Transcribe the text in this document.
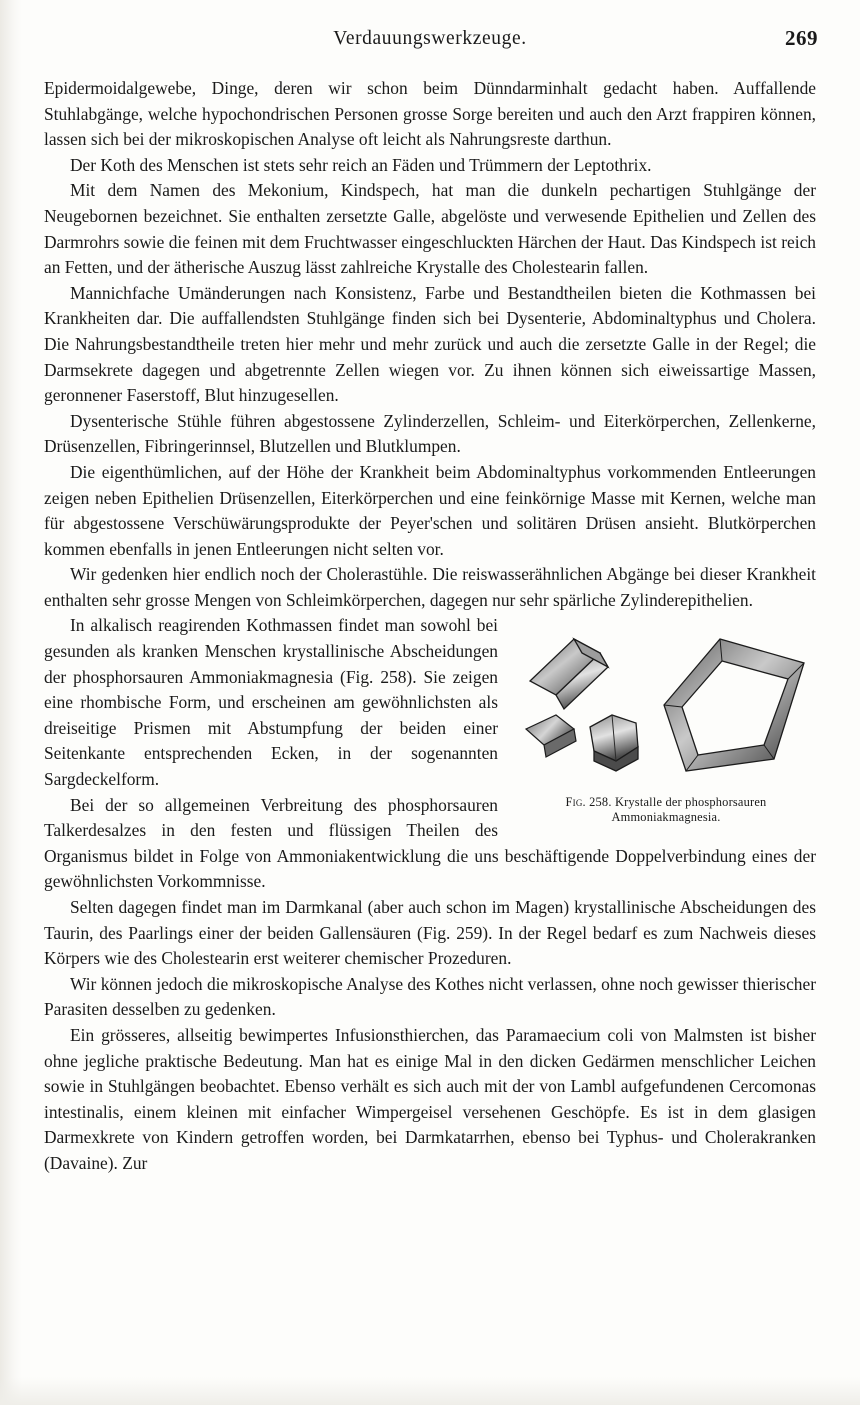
Verdauungswerkzeuge.	269

Epidermoidalgewebe, Dinge, deren wir schon beim Dünndarminhalt gedacht haben. Auffallende Stuhlabgänge, welche hypochondrischen Personen grosse Sorge bereiten und auch den Arzt frappiren können, lassen sich bei der mikroskopischen Analyse oft leicht als Nahrungsreste darthun.

Der Koth des Menschen ist stets sehr reich an Fäden und Trümmern der Leptothrix.

Mit dem Namen des Mekonium, Kindspech, hat man die dunkeln pechartigen Stuhlgänge der Neugebornen bezeichnet. Sie enthalten zersetzte Galle, abgelöste und verwesende Epithelien und Zellen des Darmrohrs sowie die feinen mit dem Fruchtwasser eingeschluckten Härchen der Haut. Das Kindspech ist reich an Fetten, und der ätherische Auszug lässt zahlreiche Krystalle des Cholestearin fallen.

Mannichfache Umänderungen nach Konsistenz, Farbe und Bestandtheilen bieten die Kothmassen bei Krankheiten dar. Die auffallendsten Stuhlgänge finden sich bei Dysenterie, Abdominaltyphus und Cholera. Die Nahrungsbestandtheile treten hier mehr und mehr zurück und auch die zersetzte Galle in der Regel; die Darmsekrete dagegen und abgetrennte Zellen wiegen vor. Zu ihnen können sich eiweissartige Massen, geronnener Faserstoff, Blut hinzugesellen.

Dysenterische Stühle führen abgestossene Zylinderzellen, Schleim- und Eiterkörperchen, Zellenkerne, Drüsenzellen, Fibringerinnsel, Blutzellen und Blutklumpen.

Die eigenthümlichen, auf der Höhe der Krankheit beim Abdominaltyphus vorkommenden Entleerungen zeigen neben Epithelien Drüsenzellen, Eiterkörperchen und eine feinkörnige Masse mit Kernen, welche man für abgestossene Verschüwärungsprodukte der Peyer'schen und solitären Drüsen ansieht. Blutkörperchen kommen ebenfalls in jenen Entleerungen nicht selten vor.

Wir gedenken hier endlich noch der Cholerastühle. Die reiswasserähnlichen Abgänge bei dieser Krankheit enthalten sehr grosse Mengen von Schleimkörperchen, dagegen nur sehr spärliche Zylinderepithelien.

Fig. 258. Krystalle der phosphorsauren
Ammoniakmagnesia.

In alkalisch reagirenden Kothmassen findet man sowohl bei gesunden als kranken Menschen krystallinische Abscheidungen der phosphorsauren Ammoniakmagnesia (Fig. 258). Sie zeigen eine rhombische Form, und erscheinen am gewöhnlichsten als dreiseitige Prismen mit Abstumpfung der beiden einer Seitenkante entsprechenden Ecken, in der sogenannten Sargdeckelform.

Bei der so allgemeinen Verbreitung des phosphorsauren Talkerdesalzes in den festen und flüssigen Theilen des Organismus bildet in Folge von Ammoniakentwicklung die uns beschäftigende Doppelverbindung eines der gewöhnlichsten Vorkommnisse.

Selten dagegen findet man im Darmkanal (aber auch schon im Magen) krystallinische Abscheidungen des Taurin, des Paarlings einer der beiden Gallensäuren (Fig. 259). In der Regel bedarf es zum Nachweis dieses Körpers wie des Cholestearin erst weiterer chemischer Prozeduren.

Wir können jedoch die mikroskopische Analyse des Kothes nicht verlassen, ohne noch gewisser thierischer Parasiten desselben zu gedenken.

Ein grösseres, allseitig bewimpertes Infusionsthierchen, das Paramaecium coli von Malmsten ist bisher ohne jegliche praktische Bedeutung. Man hat es einige Mal in den dicken Gedärmen menschlicher Leichen sowie in Stuhlgängen beobachtet. Ebenso verhält es sich auch mit der von Lambl aufgefundenen Cercomonas intestinalis, einem kleinen mit einfacher Wimpergeisel versehenen Geschöpfe. Es ist in dem glasigen Darmexkrete von Kindern getroffen worden, bei Darmkatarrhen, ebenso bei Typhus- und Cholerakranken (Davaine). Zur
